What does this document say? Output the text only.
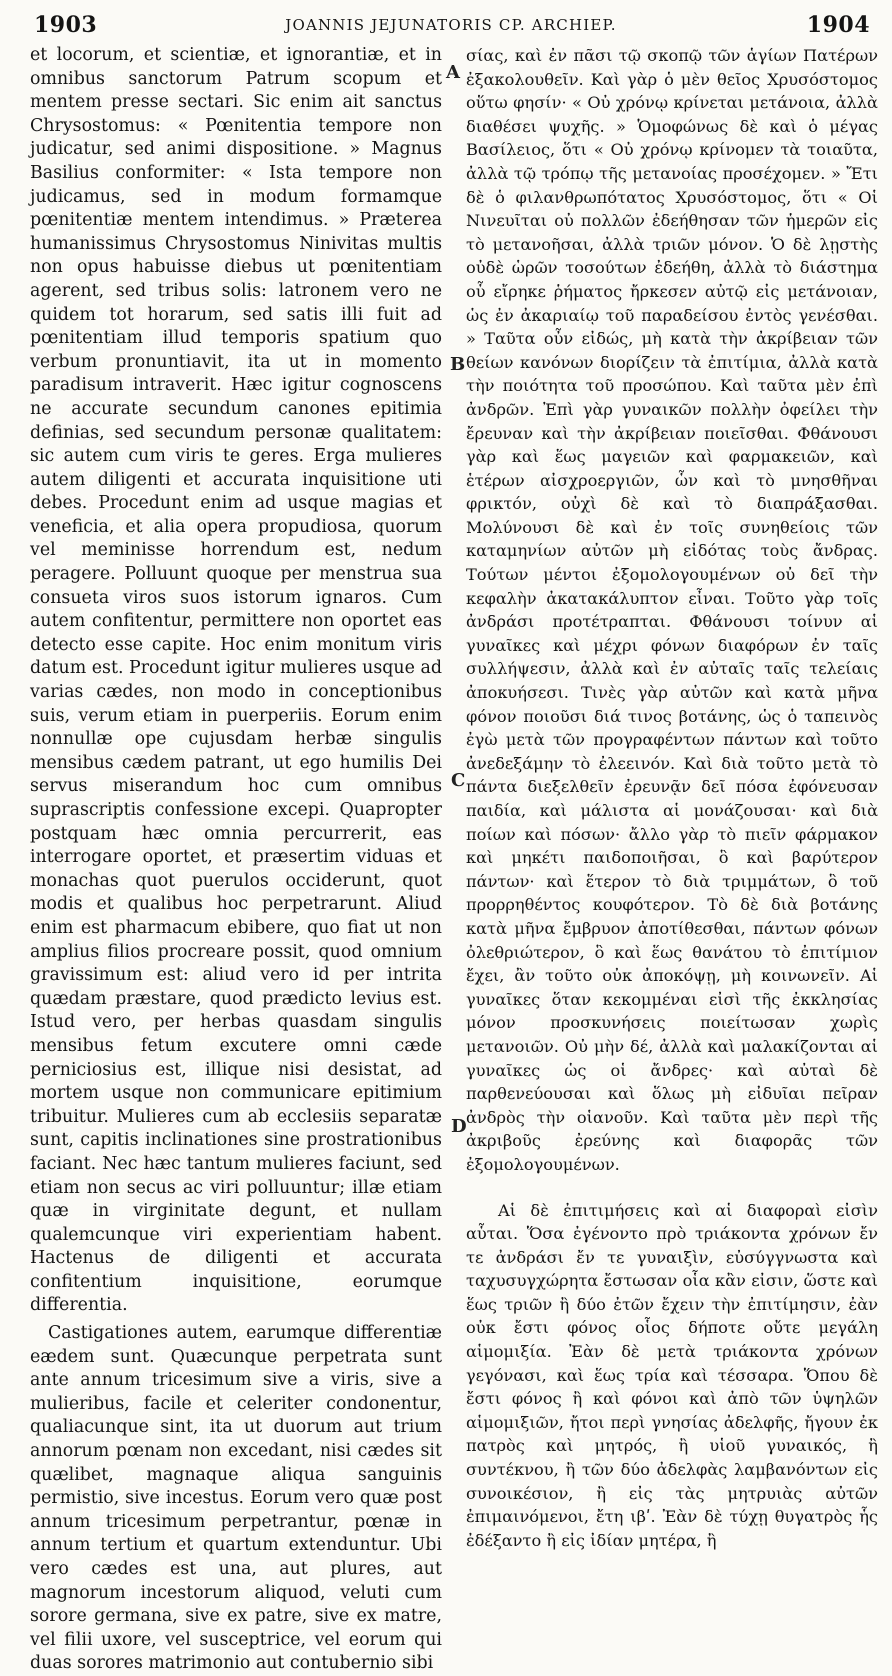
1903	JOANNIS JEJUNATORIS CP. ARCHIEP.	1904

et locorum, et scientiæ, et ignorantiæ, et in omnibus sanctorum Patrum scopum et mentem presse sectari. Sic enim ait sanctus Chrysostomus: « Pœnitentia tempore non judicatur, sed animi dispositione. » Magnus Basilius conformiter: « Ista tempore non judicamus, sed in modum formamque pœnitentiæ mentem intendimus. » Præterea humanissimus Chrysostomus Ninivitas multis non opus habuisse diebus ut pœnitentiam agerent, sed tribus solis: latronem vero ne quidem tot horarum, sed satis illi fuit ad pœnitentiam illud temporis spatium quo verbum pronuntiavit, ita ut in momento paradisum intraverit. Hæc igitur cognoscens ne accurate secundum canones epitimia definias, sed secundum personæ qualitatem: sic autem cum viris te geres. Erga mulieres autem diligenti et accurata inquisitione uti debes. Procedunt enim ad usque magias et veneficia, et alia opera propudiosa, quorum vel meminisse horrendum est, nedum peragere. Polluunt quoque per menstrua sua consueta viros suos istorum ignaros. Cum autem confitentur, permittere non oportet eas detecto esse capite. Hoc enim monitum viris datum est. Procedunt igitur mulieres usque ad varias cædes, non modo in conceptionibus suis, verum etiam in puerperiis. Eorum enim nonnullæ ope cujusdam herbæ singulis mensibus cædem patrant, ut ego humilis Dei servus miserandum hoc cum omnibus suprascriptis confessione excepi. Quapropter postquam hæc omnia percurrerit, eas interrogare oportet, et præsertim viduas et monachas quot puerulos occiderunt, quot modis et qualibus hoc perpetrarunt. Aliud enim est pharmacum ebibere, quo fiat ut non amplius filios procreare possit, quod omnium gravissimum est: aliud vero id per intrita quædam præstare, quod prædicto levius est. Istud vero, per herbas quasdam singulis mensibus fetum excutere omni cæde perniciosius est, illique nisi desistat, ad mortem usque non communicare epitimium tribuitur. Mulieres cum ab ecclesiis separatæ sunt, capitis inclinationes sine prostrationibus faciant. Nec hæc tantum mulieres faciunt, sed etiam non secus ac viri polluuntur; illæ etiam quæ in virginitate degunt, et nullam qualemcunque viri experientiam habent. Hactenus de diligenti et accurata confitentium inquisitione, eorumque differentia.

Castigationes autem, earumque differentiæ eædem sunt. Quæcunque perpetrata sunt ante annum tricesimum sive a viris, sive a mulieribus, facile et celeriter condonentur, qualiacunque sint, ita ut duorum aut trium annorum pœnam non excedant, nisi cædes sit quælibet, magnaque aliqua sanguinis permistio, sive incestus. Eorum vero quæ post annum tricesimum perpetrantur, pœnæ in annum tertium et quartum extenduntur. Ubi vero cædes est una, aut plures, aut magnorum incestorum aliquod, veluti cum sorore germana, sive ex patre, sive ex matre, vel filii uxore, vel susceptrice, vel eorum qui duas sorores matrimonio aut contubernio sibi

A
B
C
D

σίας, καὶ ἐν πᾶσι τῷ σκοπῷ τῶν ἁγίων Πατέρων ἐξακολουθεῖν. Καὶ γὰρ ὁ μὲν θεῖος Χρυσόστομος οὕτω φησίν· « Οὐ χρόνῳ κρίνεται μετάνοια, ἀλλὰ διαθέσει ψυχῆς. » Ὁμοφώνως δὲ καὶ ὁ μέγας Βασίλειος, ὅτι « Οὐ χρόνῳ κρίνομεν τὰ τοιαῦτα, ἀλλὰ τῷ τρόπῳ τῆς μετανοίας προσέχομεν. » Ἔτι δὲ ὁ φιλανθρωπότατος Χρυσόστομος, ὅτι « Οἱ Νινευῖται οὐ πολλῶν ἐδεήθησαν τῶν ἡμερῶν εἰς τὸ μετανοῆσαι, ἀλλὰ τριῶν μόνον. Ὁ δὲ λῃστὴς οὐδὲ ὡρῶν τοσούτων ἐδεήθη, ἀλλὰ τὸ διάστημα οὗ εἴρηκε ῥήματος ἤρκεσεν αὐτῷ εἰς μετάνοιαν, ὡς ἐν ἀκαριαίῳ τοῦ παραδείσου ἐντὸς γενέσθαι. » Ταῦτα οὖν εἰδώς, μὴ κατὰ τὴν ἀκρίβειαν τῶν θείων κανόνων διορίζειν τὰ ἐπιτίμια, ἀλλὰ κατὰ τὴν ποιότητα τοῦ προσώπου. Καὶ ταῦτα μὲν ἐπὶ ἀνδρῶν. Ἐπὶ γὰρ γυναικῶν πολλὴν ὀφείλει τὴν ἔρευναν καὶ τὴν ἀκρίβειαν ποιεῖσθαι. Φθάνουσι γὰρ καὶ ἕως μαγειῶν καὶ φαρμακειῶν, καὶ ἑτέρων αἰσχροεργιῶν, ὧν καὶ τὸ μνησθῆναι φρικτόν, οὐχὶ δὲ καὶ τὸ διαπράξασθαι. Μολύνουσι δὲ καὶ ἐν τοῖς συνηθείοις τῶν καταμηνίων αὐτῶν μὴ εἰδότας τοὺς ἄνδρας. Τούτων μέντοι ἐξομολογουμένων οὐ δεῖ τὴν κεφαλὴν ἀκατακάλυπτον εἶναι. Τοῦτο γὰρ τοῖς ἀνδράσι προτέτραπται. Φθάνουσι τοίνυν αἱ γυναῖκες καὶ μέχρι φόνων διαφόρων ἐν ταῖς συλλήψεσιν, ἀλλὰ καὶ ἐν αὐταῖς ταῖς τελείαις ἀποκυήσεσι. Τινὲς γὰρ αὐτῶν καὶ κατὰ μῆνα φόνον ποιοῦσι διά τινος βοτάνης, ὡς ὁ ταπεινὸς ἐγὼ μετὰ τῶν προγραφέντων πάντων καὶ τοῦτο ἀνεδεξάμην τὸ ἐλεεινόν. Καὶ διὰ τοῦτο μετὰ τὸ πάντα διεξελθεῖν ἐρευνᾷν δεῖ πόσα ἐφόνευσαν παιδία, καὶ μάλιστα αἱ μονάζουσαι· καὶ διὰ ποίων καὶ πόσων· ἄλλο γὰρ τὸ πιεῖν φάρμακον καὶ μηκέτι παιδοποιῆσαι, ὃ καὶ βαρύτερον πάντων· καὶ ἕτερον τὸ διὰ τριμμάτων, ὃ τοῦ προρρηθέντος κουφότερον. Τὸ δὲ διὰ βοτάνης κατὰ μῆνα ἔμβρυον ἀποτίθεσθαι, πάντων φόνων ὀλεθριώτερον, ὃ καὶ ἕως θανάτου τὸ ἐπιτίμιον ἔχει, ἂν τοῦτο οὐκ ἀποκόψῃ, μὴ κοινωνεῖν. Αἱ γυναῖκες ὅταν κεκομμέναι εἰσὶ τῆς ἐκκλησίας μόνον προσκυνήσεις ποιείτωσαν χωρὶς μετανοιῶν. Οὐ μὴν δέ, ἀλλὰ καὶ μαλακίζονται αἱ γυναῖκες ὡς οἱ ἄνδρες· καὶ αὐταὶ δὲ παρθενεύουσαι καὶ ὅλως μὴ εἰδυῖαι πεῖραν ἀνδρὸς τὴν οἱανοῦν. Καὶ ταῦτα μὲν περὶ τῆς ἀκριβοῦς ἐρεύνης καὶ διαφορᾶς τῶν ἐξομολογουμένων.

Αἱ δὲ ἐπιτιμήσεις καὶ αἱ διαφοραὶ εἰσὶν αὗται. Ὅσα ἐγένοντο πρὸ τριάκοντα χρόνων ἔν τε ἀνδράσι ἔν τε γυναιξὶν, εὐσύγγνωστα καὶ ταχυσυγχώρητα ἔστωσαν οἷα κἂν εἰσιν, ὥστε καὶ ἕως τριῶν ἢ δύο ἐτῶν ἔχειν τὴν ἐπιτίμησιν, ἐὰν οὐκ ἔστι φόνος οἷος δήποτε οὔτε μεγάλη αἱμομιξία. Ἐὰν δὲ μετὰ τριάκοντα χρόνων γεγόνασι, καὶ ἕως τρία καὶ τέσσαρα. Ὅπου δὲ ἔστι φόνος ἢ καὶ φόνοι καὶ ἀπὸ τῶν ὑψηλῶν αἱμομιξιῶν, ἤτοι περὶ γνησίας ἀδελφῆς, ἤγουν ἐκ πατρὸς καὶ μητρός, ἢ υἱοῦ γυναικός, ἢ συντέκνου, ἢ τῶν δύο ἀδελφὰς λαμβανόντων εἰς συνοικέσιον, ἢ εἰς τὰς μητρυιὰς αὐτῶν ἐπιμαινόμενοι, ἔτη ιβʹ. Ἐὰν δὲ τύχῃ θυγατρὸς ἧς ἐδέξαντο ἢ εἰς ἰδίαν μητέρα, ἢ
